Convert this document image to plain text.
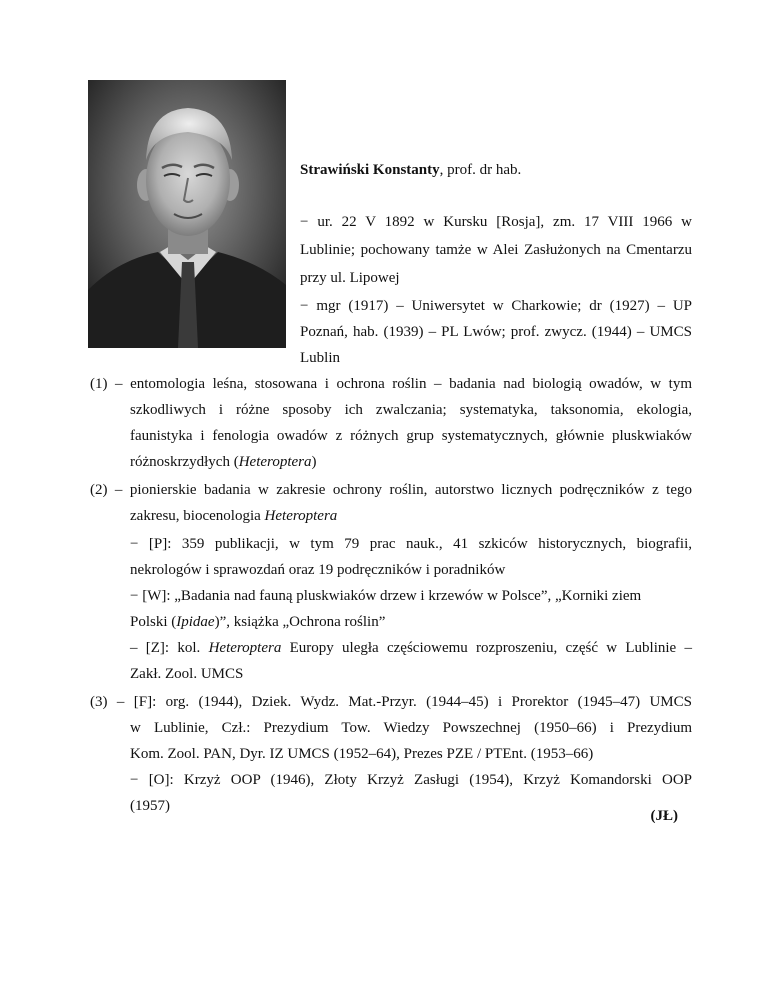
Strawiński Konstanty, prof. dr hab.
− ur. 22 V 1892 w Kursku [Rosja], zm. 17 VIII 1966 w
Lublinie; pochowany tamże w Alei Zasłużonych na Cmentarzu
przy ul. Lipowej
− mgr (1917) – Uniwersytet w Charkowie; dr (1927) – UP
Poznań, hab. (1939) – PL Lwów; prof. zwycz. (1944) – UMCS
Lublin
(1) – entomologia leśna, stosowana i ochrona roślin – badania nad biologią owadów, w tym
szkodliwych i różne sposoby ich zwalczania; systematyka, taksonomia, ekologia,
faunistyka i fenologia owadów z różnych grup systematycznych, głównie pluskwiaków
różnoskrzydłych (Heteroptera)
(2) – pionierskie badania w zakresie ochrony roślin, autorstwo licznych podręczników z tego
zakresu, biocenologia Heteroptera
− [P]: 359 publikacji, w tym 79 prac nauk., 41 szkiców historycznych, biografii,
nekrologów i sprawozdań oraz 19 podręczników i poradników
− [W]: „Badania nad fauną pluskwiaków drzew i krzewów w Polsce”, „Korniki ziem
Polski (Ipidae)”, książka „Ochrona roślin”
– [Z]: kol. Heteroptera Europy uległa częściowemu rozproszeniu, część w Lublinie –
Zakł. Zool. UMCS
(3) – [F]: org. (1944), Dziek. Wydz. Mat.-Przyr. (1944–45) i Prorektor (1945–47) UMCS
w Lublinie, Czł.: Prezydium Tow. Wiedzy Powszechnej (1950–66) i Prezydium
Kom. Zool. PAN, Dyr. IZ UMCS (1952–64), Prezes PZE / PTEnt. (1953–66)
− [O]: Krzyż OOP (1946), Złoty Krzyż Zasługi (1954), Krzyż Komandorski OOP
(1957)
(JŁ)
